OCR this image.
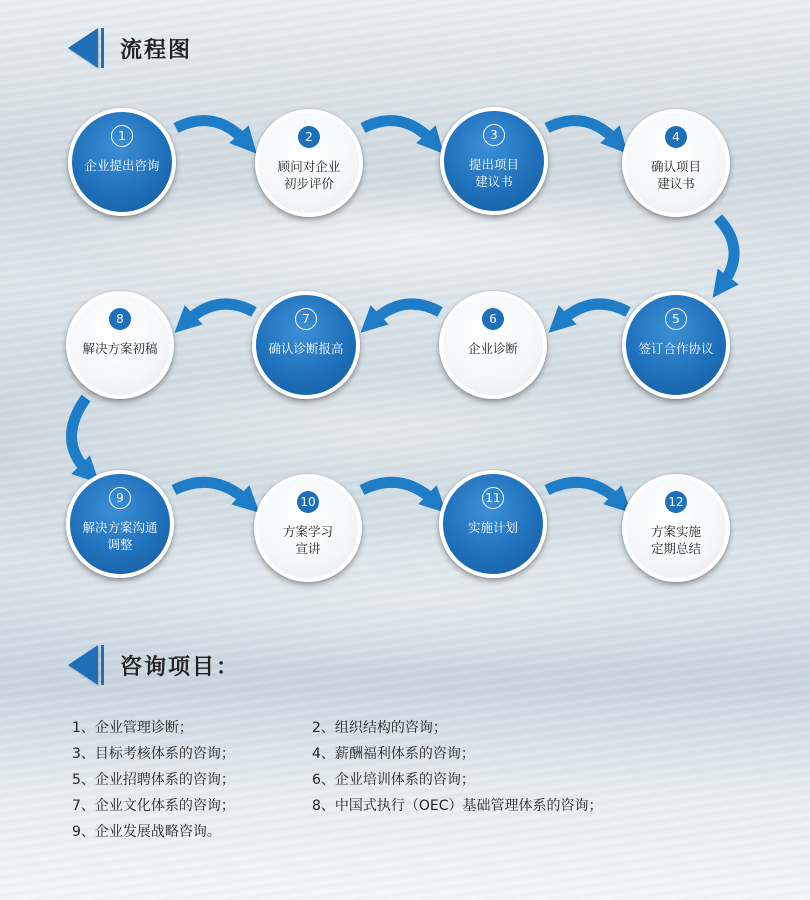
流程图
1
企业提出咨询
2
顾问对企业
初步评价
3
提出项目
建议书
4
确认项目
建议书
5
签订合作协议
6
企业诊断
7
确认诊断报高
8
解决方案初稿
9
解决方案沟通
调整
10
方案学习
宣讲
11
实施计划
12
方案实施
定期总结
咨询项目：
1、企业管理诊断；	2、组织结构的咨询；
3、目标考核体系的咨询；	4、薪酬福利体系的咨询；
5、企业招聘体系的咨询；	6、企业培训体系的咨询；
7、企业文化体系的咨询；	8、中国式执行（OEC）基础管理体系的咨询；
9、企业发展战略咨询。
